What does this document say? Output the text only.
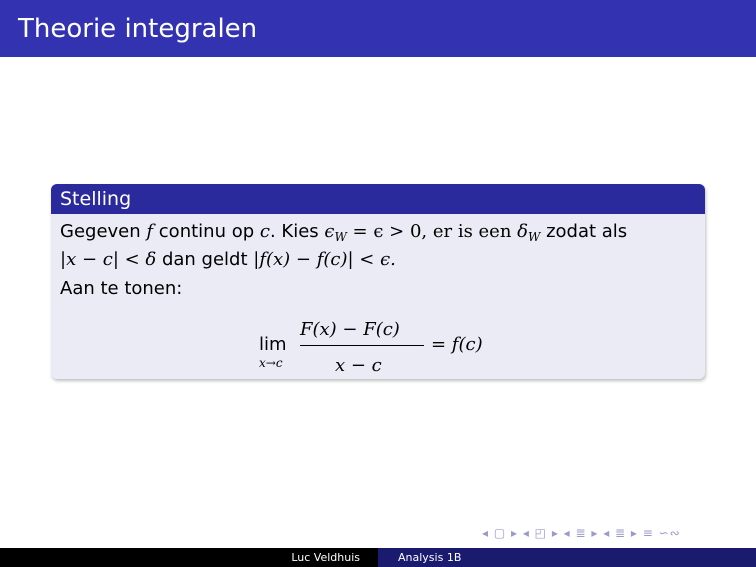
Theorie integralen
Stelling
Gegeven f continu op c. Kies $\epsilon_W = \epsilon > 0$, er is een $\delta_W$ zodat als
|x − c| < δ dan geldt |f(x) − f(c)| < ϵ.
Aan te tonen:
lim
x→c
F(x) − F(c)
x − c
= f(c)
◂ ▢ ▸ ◂ ◰ ▸ ◂ ≣ ▸ ◂ ≣ ▸ ≡ ∽∾
Luc Veldhuis	Analysis 1B
